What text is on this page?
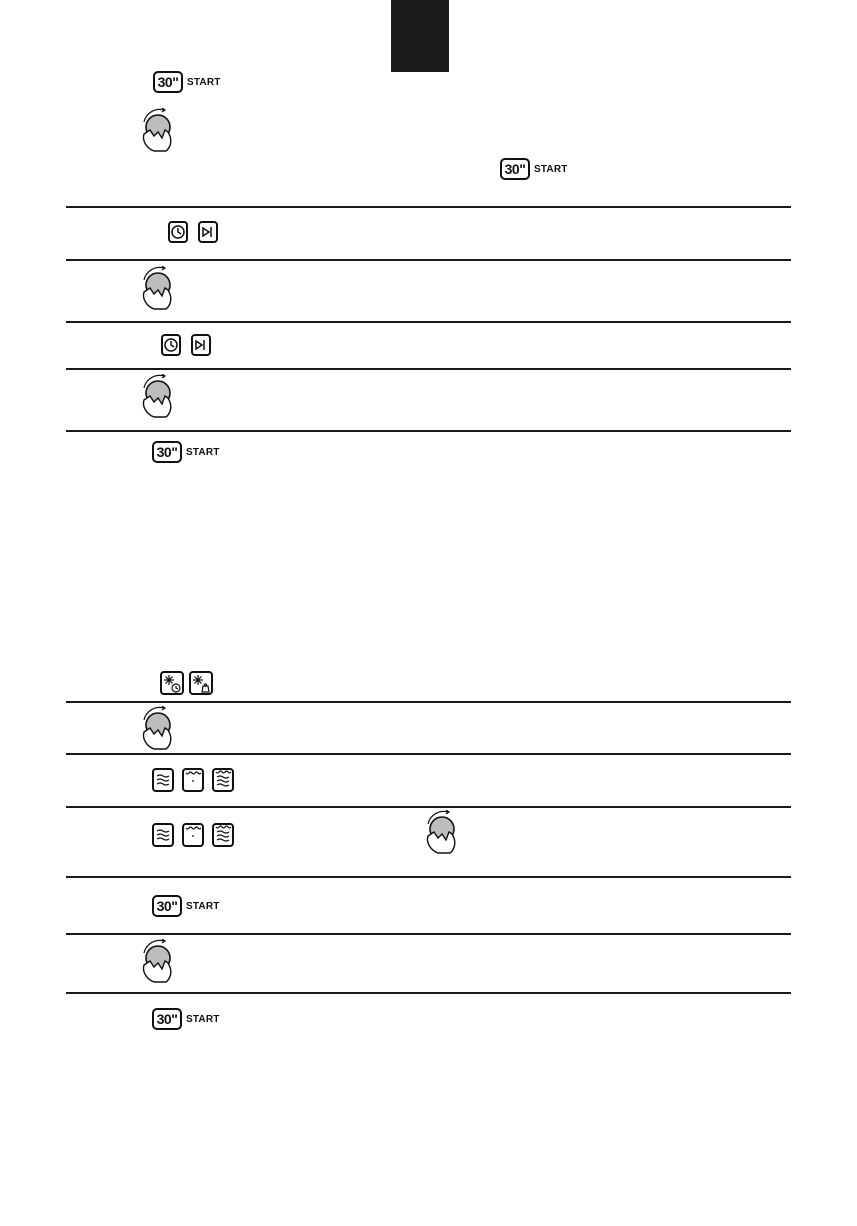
30" START
30" START
30" START
30" START
30" START
